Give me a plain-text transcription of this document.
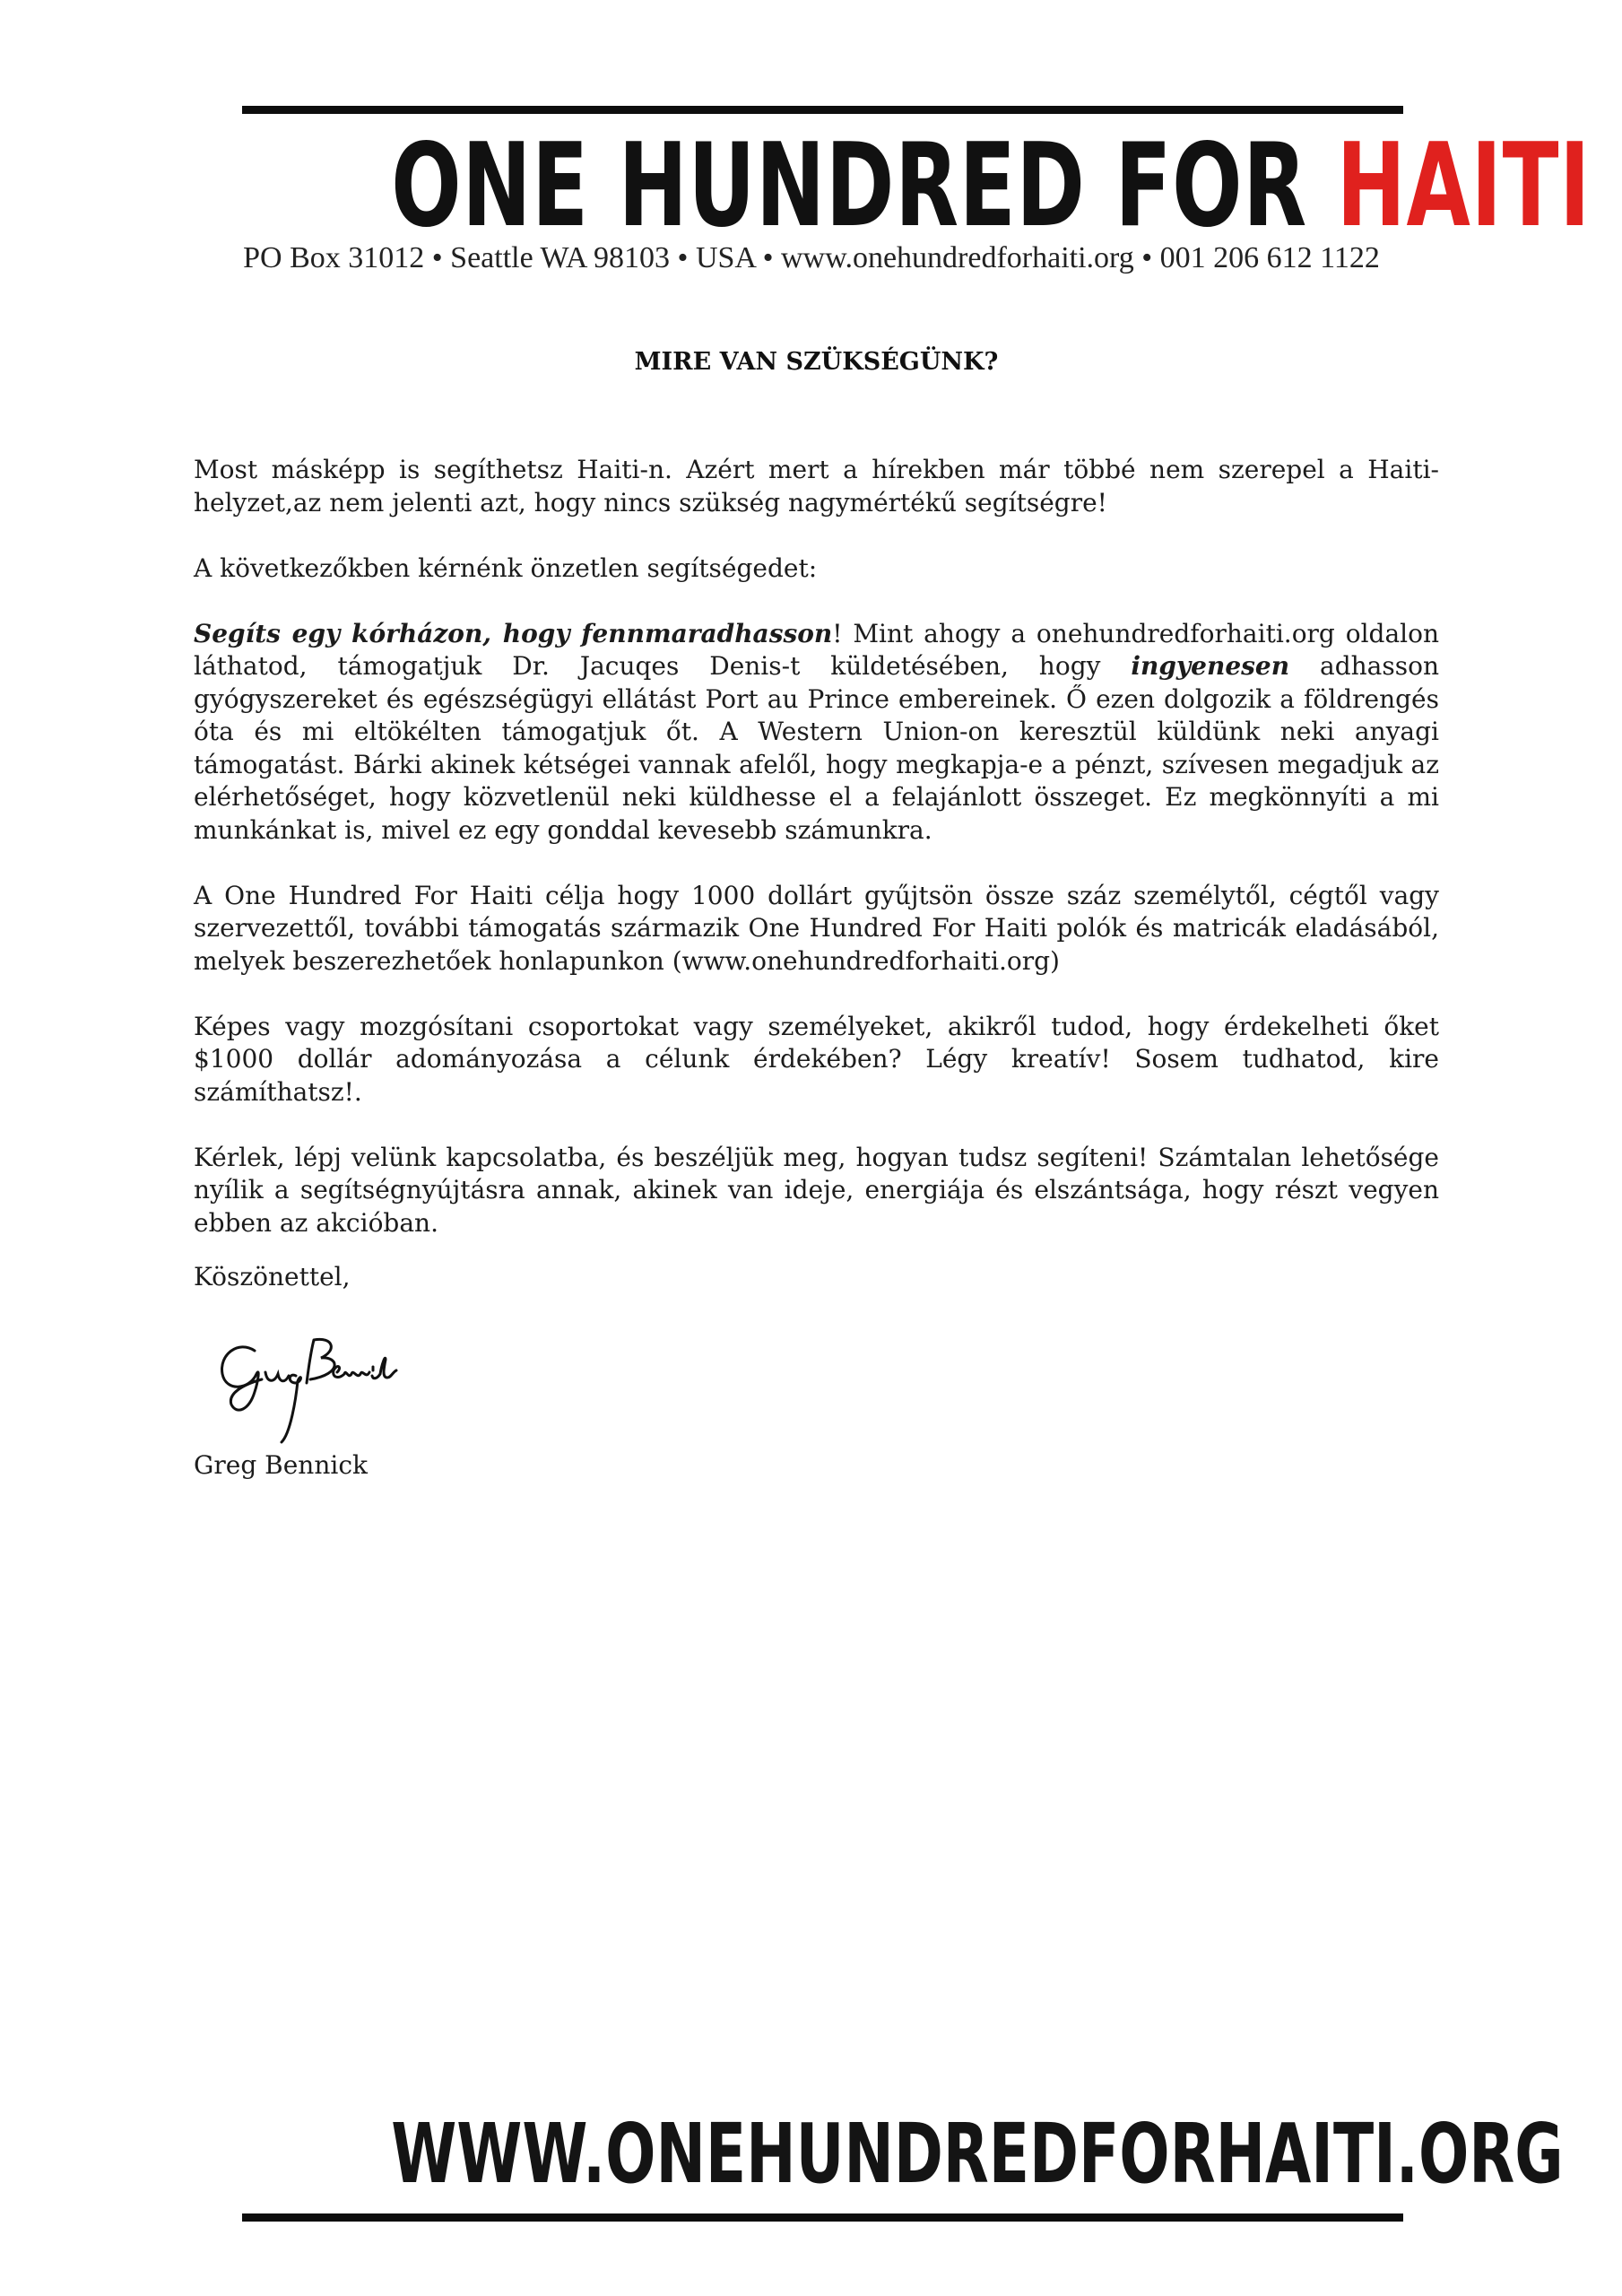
ONE HUNDRED FOR HAITI
PO Box 31012 • Seattle WA 98103 • USA • www.onehundredforhaiti.org • 001 206 612 1122
MIRE VAN SZÜKSÉGÜNK?

Most másképp is segíthetsz Haiti-n. Azért mert a hírekben már többé nem szerepel a Haiti-helyzet,az nem jelenti azt, hogy nincs szükség nagymértékű segítségre!

A következőkben kérnénk önzetlen segítségedet:

Segíts egy kórházon, hogy fennmaradhasson! Mint ahogy a onehundredforhaiti.org oldalon láthatod, támogatjuk Dr. Jacuqes Denis-t küldetésében, hogy ingyenesen adhasson gyógyszereket és egészségügyi ellátást Port au Prince embereinek. Ő ezen dolgozik a földrengés óta és mi eltökélten támogatjuk őt. A Western Union-on keresztül küldünk neki anyagi támogatást. Bárki akinek kétségei vannak afelől, hogy megkapja-e a pénzt, szívesen megadjuk az elérhetőséget, hogy közvetlenül neki küldhesse el a felajánlott összeget. Ez megkönnyíti a mi munkánkat is, mivel ez egy gonddal kevesebb számunkra.

A One Hundred For Haiti célja hogy 1000 dollárt gyűjtsön össze száz személytől, cégtől vagy szervezettől, további támogatás származik One Hundred For Haiti polók és matricák eladásából, melyek beszerezhetőek honlapunkon (www.onehundredforhaiti.org)

Képes vagy mozgósítani csoportokat vagy személyeket, akikről tudod, hogy érdekelheti őket $1000 dollár adományozása a célunk érdekében? Légy kreatív! Sosem tudhatod, kire számíthatsz!.

Kérlek, lépj velünk kapcsolatba, és beszéljük meg, hogyan tudsz segíteni! Számtalan lehetősége nyílik a segítségnyújtásra annak, akinek van ideje, energiája és elszántsága, hogy részt vegyen ebben az akcióban.

Köszönettel,
Greg Bennick
WWW.ONEHUNDREDFORHAITI.ORG
